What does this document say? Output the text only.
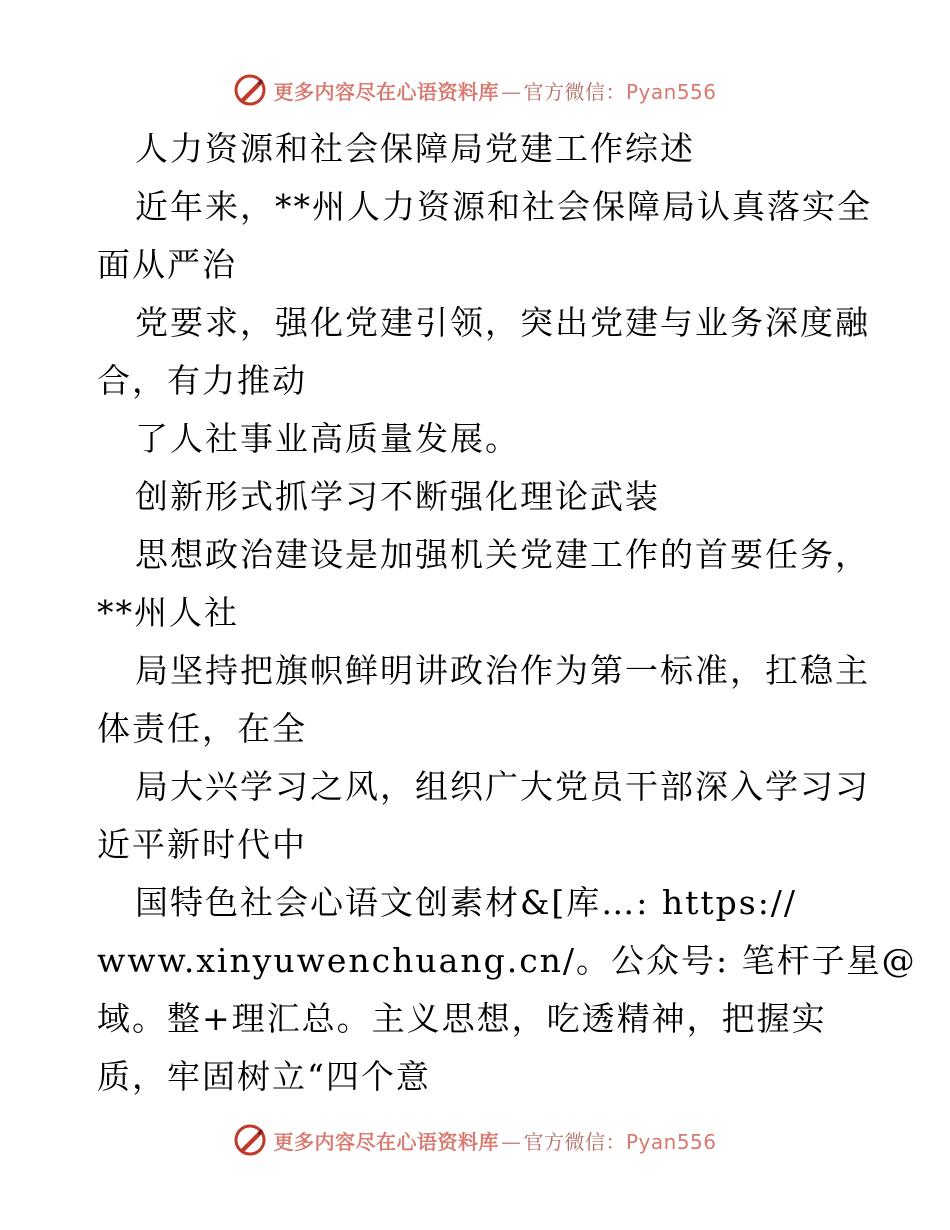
更多内容尽在心语资料库 — 官方微信：Pyan556
人力资源和社会保障局党建工作综述
近年来，**州人力资源和社会保障局认真落实全
面从严治
党要求，强化党建引领，突出党建与业务深度融
合，有力推动
了人社事业高质量发展。
创新形式抓学习不断强化理论武装
思想政治建设是加强机关党建工作的首要任务，
**州人社
局坚持把旗帜鲜明讲政治作为第一标准，扛稳主
体责任，在全
局大兴学习之风，组织广大党员干部深入学习习
近平新时代中
国特色社会心语文创素材&[库…: https://
www.xinyuwenchuang.cn/。公众号: 笔杆子星@
域。整+理汇总。主义思想，吃透精神，把握实
质，牢固树立“四个意
更多内容尽在心语资料库 — 官方微信：Pyan556
